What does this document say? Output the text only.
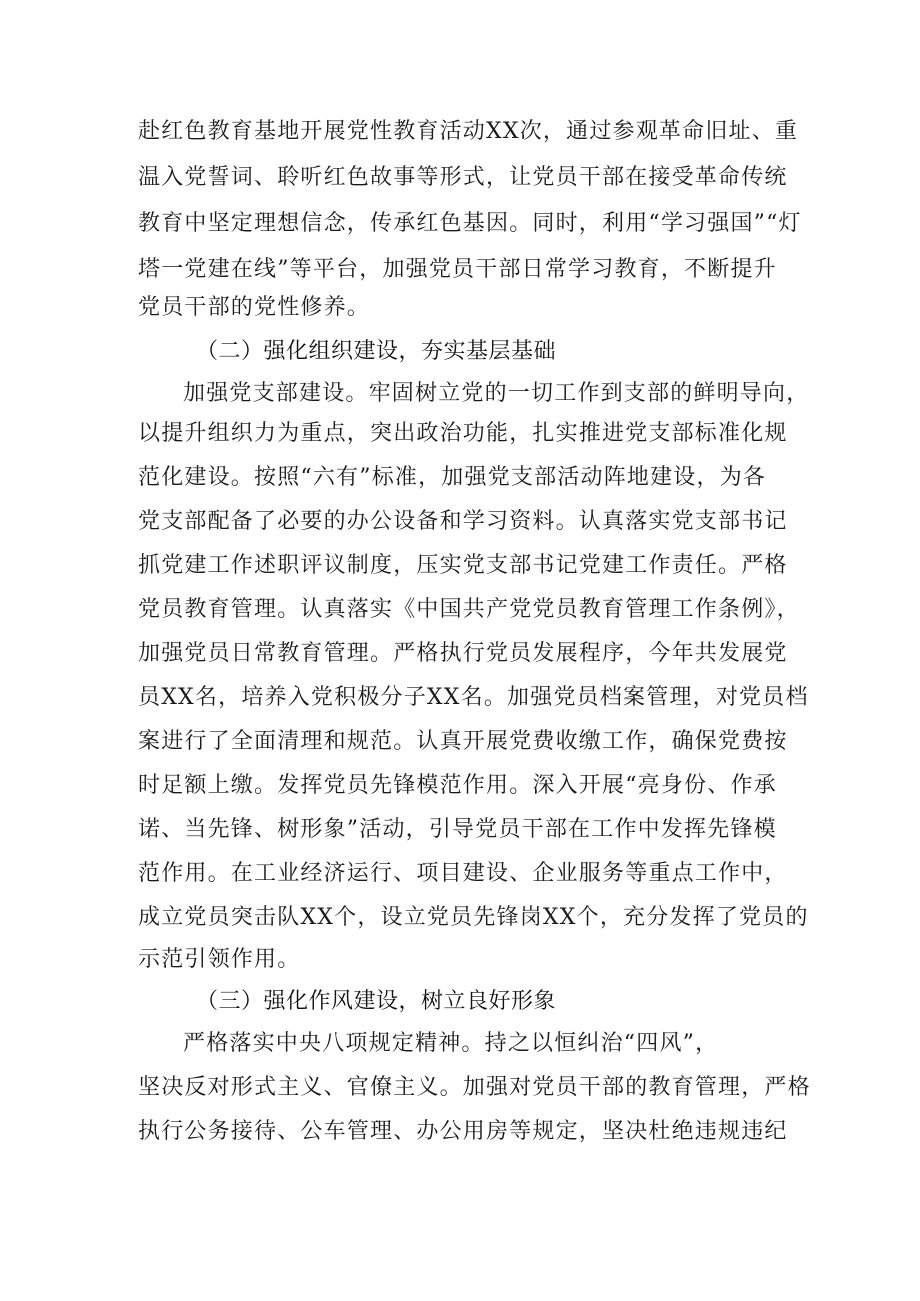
赴红色教育基地开展党性教育活动XX次，通过参观革命旧址、重
温入党誓词、聆听红色故事等形式，让党员干部在接受革命传统
教育中坚定理想信念，传承红色基因。同时，利用“学习强国”“灯
塔一党建在线”等平台，加强党员干部日常学习教育，不断提升
党员干部的党性修养。
（二）强化组织建设，夯实基层基础
加强党支部建设。牢固树立党的一切工作到支部的鲜明导向，
以提升组织力为重点，突出政治功能，扎实推进党支部标准化规
范化建设。按照“六有”标准，加强党支部活动阵地建设，为各
党支部配备了必要的办公设备和学习资料。认真落实党支部书记
抓党建工作述职评议制度，压实党支部书记党建工作责任。严格
党员教育管理。认真落实《中国共产党党员教育管理工作条例》，
加强党员日常教育管理。严格执行党员发展程序，今年共发展党
员XX名，培养入党积极分子XX名。加强党员档案管理，对党员档
案进行了全面清理和规范。认真开展党费收缴工作，确保党费按
时足额上缴。发挥党员先锋模范作用。深入开展“亮身份、作承
诺、当先锋、树形象”活动，引导党员干部在工作中发挥先锋模
范作用。在工业经济运行、项目建设、企业服务等重点工作中，
成立党员突击队XX个，设立党员先锋岗XX个，充分发挥了党员的
示范引领作用。
（三）强化作风建设，树立良好形象
严格落实中央八项规定精神。持之以恒纠治“四风”，
坚决反对形式主义、官僚主义。加强对党员干部的教育管理，严格
执行公务接待、公车管理、办公用房等规定，坚决杜绝违规违纪
